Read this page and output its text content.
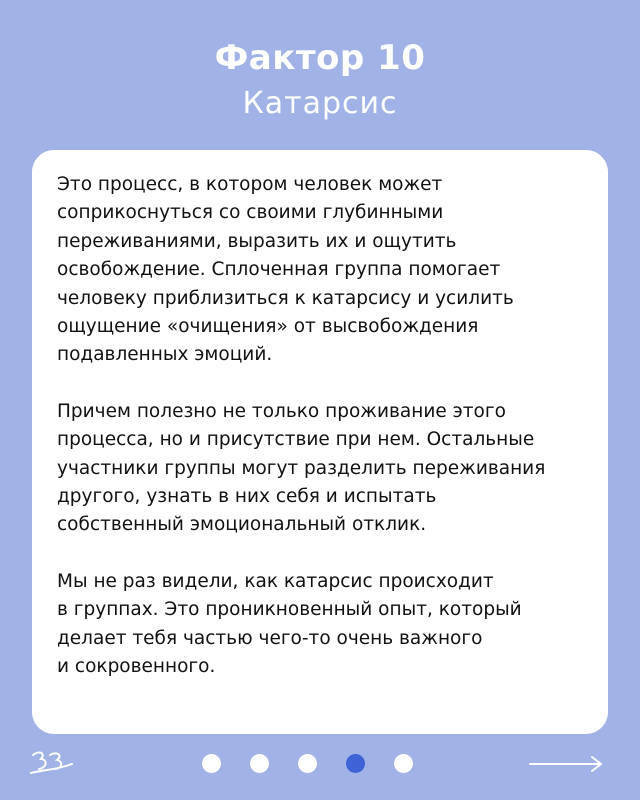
Фактор 10
Катарсис

Это процесс, в котором человек может
соприкоснуться со своими глубинными
переживаниями, выразить их и ощутить
освобождение. Сплоченная группа помогает
человеку приблизиться к катарсису и усилить
ощущение «очищения» от высвобождения
подавленных эмоций.

Причем полезно не только проживание этого
процесса, но и присутствие при нем. Остальные
участники группы могут разделить переживания
другого, узнать в них себя и испытать
собственный эмоциональный отклик.

Мы не раз видели, как катарсис происходит
в группах. Это проникновенный опыт, который
делает тебя частью чего-то очень важного
и сокровенного.
